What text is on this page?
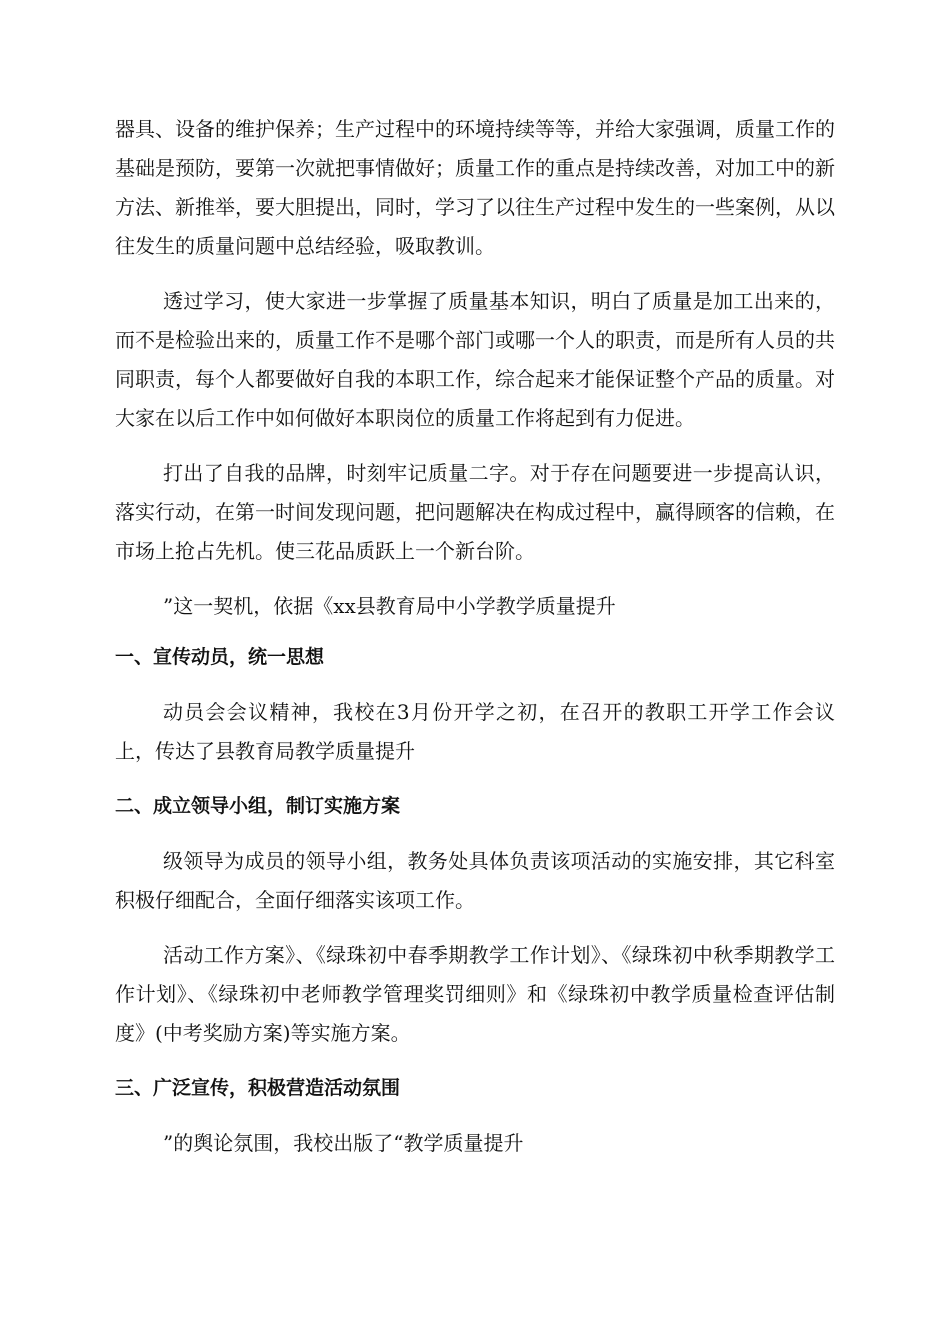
器具、设备的维护保养；生产过程中的环境持续等等，并给大家强调，质量工作的基础是预防，要第一次就把事情做好；质量工作的重点是持续改善，对加工中的新方法、新推举，要大胆提出，同时，学习了以往生产过程中发生的一些案例，从以往发生的质量问题中总结经验，吸取教训。

透过学习，使大家进一步掌握了质量基本知识，明白了质量是加工出来的，而不是检验出来的，质量工作不是哪个部门或哪一个人的职责，而是所有人员的共同职责，每个人都要做好自我的本职工作，综合起来才能保证整个产品的质量。对大家在以后工作中如何做好本职岗位的质量工作将起到有力促进。

打出了自我的品牌，时刻牢记质量二字。对于存在问题要进一步提高认识，落实行动，在第一时间发现问题，把问题解决在构成过程中，赢得顾客的信赖，在市场上抢占先机。使三花品质跃上一个新台阶。

”这一契机，依据《xx县教育局中小学教学质量提升

一、宣传动员，统一思想

动员会会议精神，我校在3月份开学之初，在召开的教职工开学工作会议上，传达了县教育局教学质量提升

二、成立领导小组，制订实施方案

级领导为成员的领导小组，教务处具体负责该项活动的实施安排，其它科室积极仔细配合，全面仔细落实该项工作。

活动工作方案》、《绿珠初中春季期教学工作计划》、《绿珠初中秋季期教学工作计划》、《绿珠初中老师教学管理奖罚细则》和《绿珠初中教学质量检查评估制度》(中考奖励方案)等实施方案。

三、广泛宣传，积极营造活动氛围

”的舆论氛围，我校出版了“教学质量提升
